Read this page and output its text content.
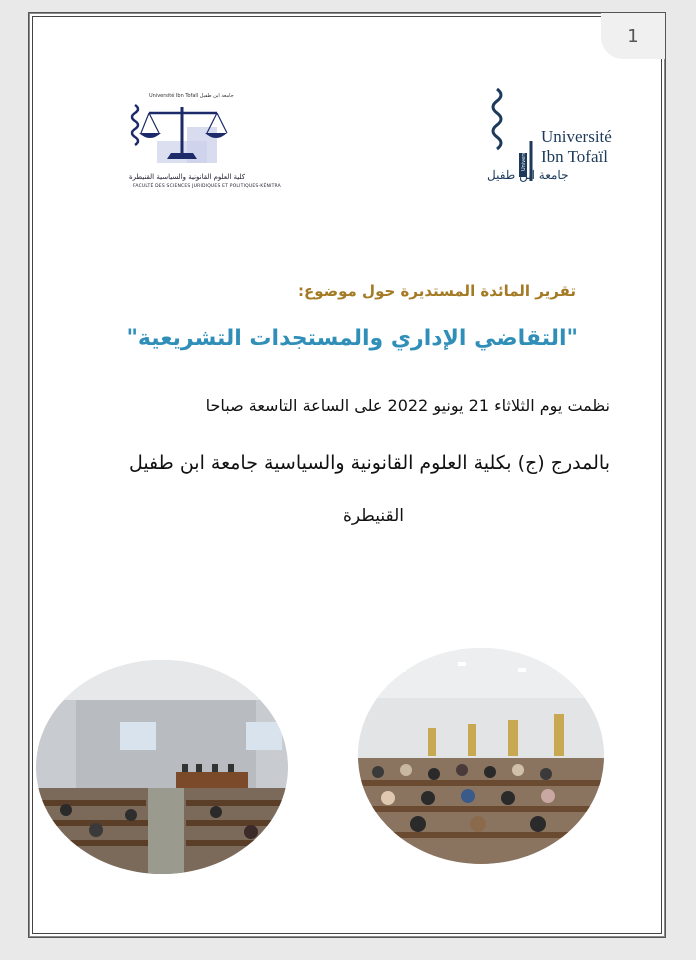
جامعة ابن طفيل Université Ibn Tofaïl
كلية العلوم القانونية والسياسية القنيطرة
FACULTÉ DES SCIENCES JURIDIQUES ET POLITIQUES-KÉNITRA
Université
Université
Ibn Tofaïl
جامعة ابن طفيل
1
تقرير المائدة المستديرة حول موضوع:
"التقاضي الإداري والمستجدات التشريعية"
نظمت يوم الثلاثاء 21 يونيو 2022 على الساعة التاسعة صباحا
بالمدرج (ج) بكلية العلوم القانونية والسياسية جامعة ابن طفيل
القنيطرة
